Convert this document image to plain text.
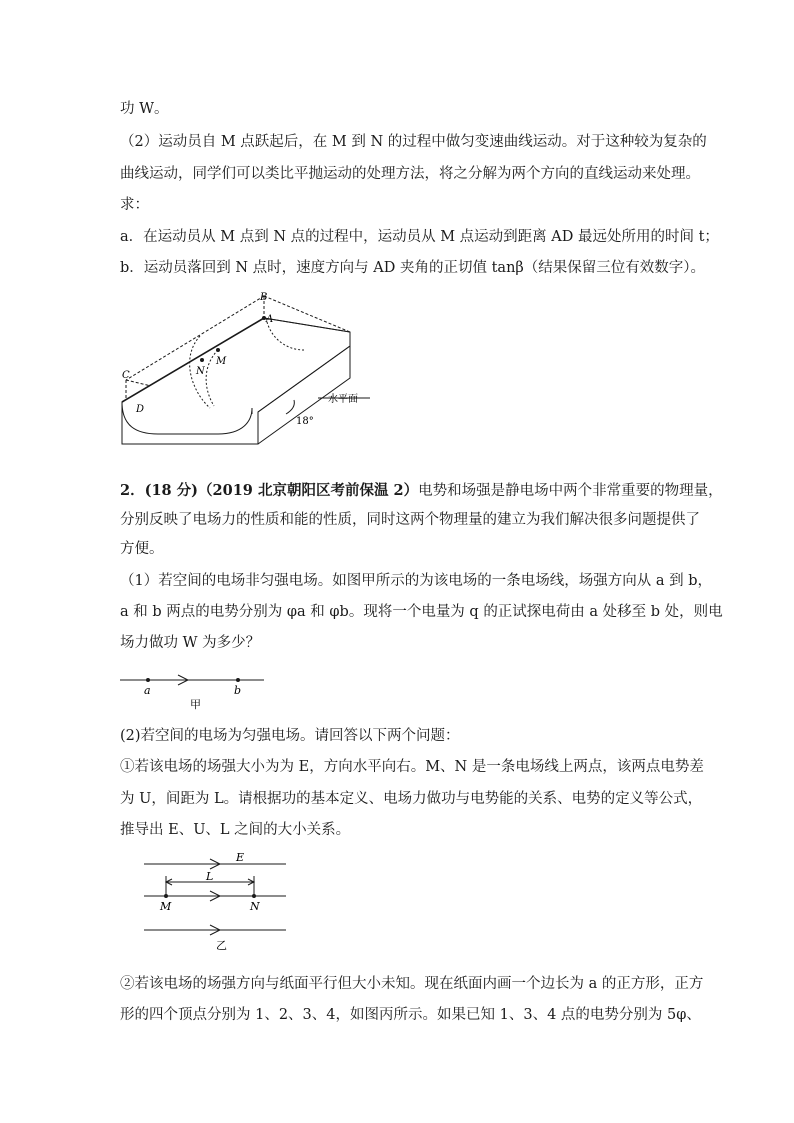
功 W。
（2）运动员自 M 点跃起后，在 M 到 N 的过程中做匀变速曲线运动。对于这种较为复杂的
曲线运动，同学们可以类比平抛运动的处理方法，将之分解为两个方向的直线运动来处理。
求：
a．在运动员从 M 点到 N 点的过程中，运动员从 M 点运动到距离 AD 最远处所用的时间 t；
b．运动员落回到 N 点时，速度方向与 AD 夹角的正切值 tanβ（结果保留三位有效数字）。
B
A
M
N
C
D
水平面
18°
2．(18 分)（2019 北京朝阳区考前保温 2）电势和场强是静电场中两个非常重要的物理量，
分别反映了电场力的性质和能的性质，同时这两个物理量的建立为我们解决很多问题提供了
方便。
（1）若空间的电场非匀强电场。如图甲所示的为该电场的一条电场线，场强方向从 a 到 b，
a 和 b 两点的电势分别为 φa 和 φb。现将一个电量为 q 的正试探电荷由 a 处移至 b 处，则电
场力做功 W 为多少？
a	b
甲
(2)若空间的电场为匀强电场。请回答以下两个问题：
①若该电场的场强大小为为 E，方向水平向右。M、N 是一条电场线上两点，该两点电势差
为 U，间距为 L。请根据功的基本定义、电场力做功与电势能的关系、电势的定义等公式，
推导出 E、U、L 之间的大小关系。
E
L
M	N
乙
②若该电场的场强方向与纸面平行但大小未知。现在纸面内画一个边长为 a 的正方形，正方
形的四个顶点分别为 1、2、3、4，如图丙所示。如果已知 1、3、4 点的电势分别为 5φ、
